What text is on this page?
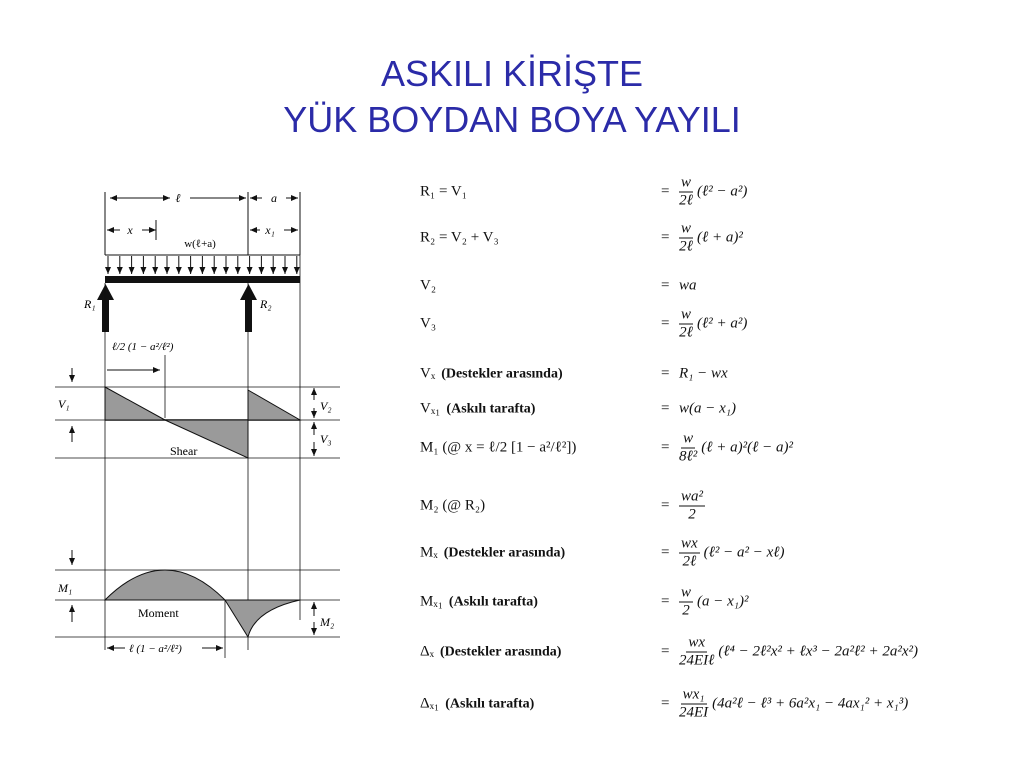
ASKILI KİRİŞTE
YÜK BOYDAN BOYA YAYILI
ℓ	a
x	x₁
w(ℓ+a)
R₁	R₂
ℓ/2 (1 − a²/ℓ²)
V₁	V₂
V₃
Shear
M₁
M₂
Moment
ℓ (1 − a²/ℓ²)
R₁ = V₁	= $\frac{w}{\text{2ℓ}}$ (ℓ² − a²)
R₂ = V₂ + V₃	= $\frac{w}{\text{2ℓ}}$ (ℓ + a)²
V₂	= wa
V₃	= $\frac{w}{\text{2ℓ}}$ (ℓ² + a²)
Vₓ (Destekler arasında)	= R₁ − wx
Vₓ₁ (Askılı tarafta)	= w(a − x₁)
M₁ (@ x = ℓ/2 [1 − a²/ℓ²])	= $\frac{w}{\text{8ℓ²}}$ (ℓ + a)²(ℓ − a)²
M₂ (@ R₂)	= $\frac{\text{wa²}}{2}$
Mₓ (Destekler arasında)	= $\frac{wx}{\text{2ℓ}}$ (ℓ² − a² − xℓ)
Mₓ₁ (Askılı tarafta)	= $\frac{w}{2} (a - x_1)^2$
Δₓ (Destekler arasında)	= $\frac{wx}{\text{24EIℓ}}$ (ℓ⁴ − 2ℓ²x² + ℓx³ − 2a²ℓ² + 2a²x²)
Δₓ₁ (Askılı tarafta)	= $\frac{\text{wx₁}}{24EI}$ (4a²ℓ − ℓ³ + 6a²x₁ − 4ax₁² + x₁³)
